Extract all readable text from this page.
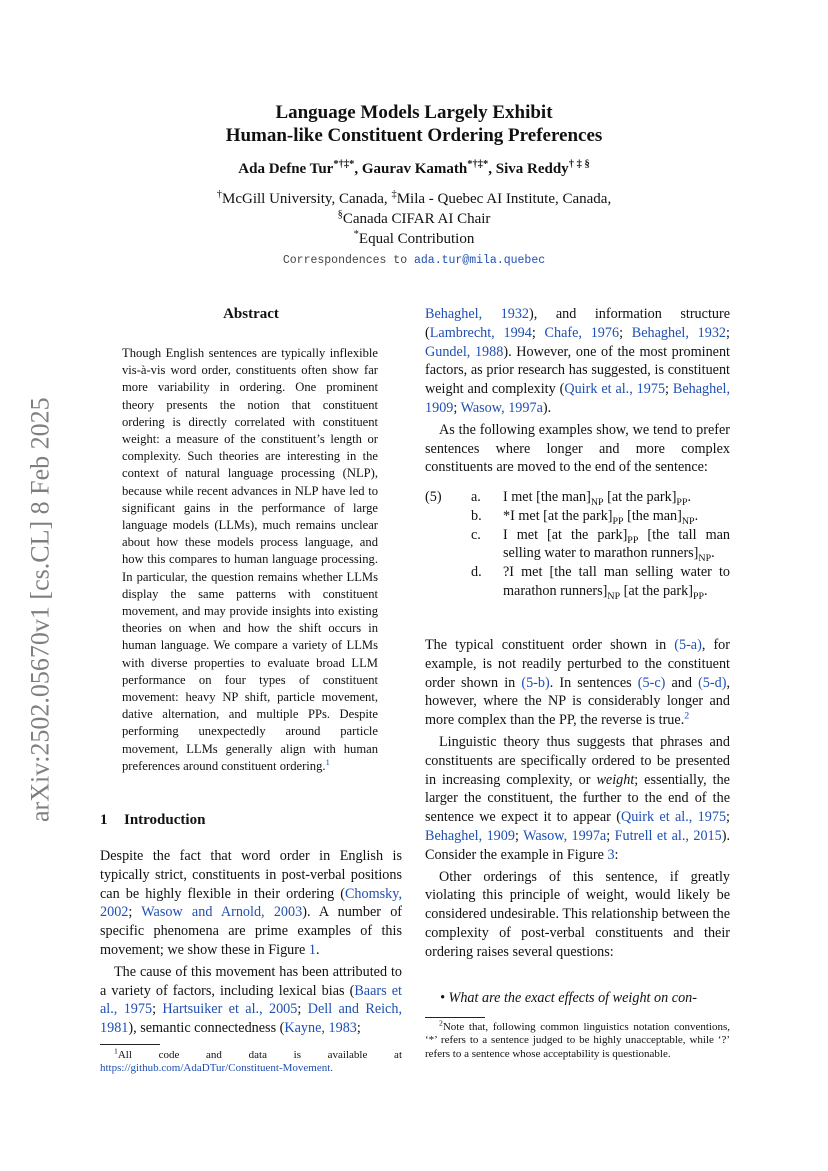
arXiv:2502.05670v1 [cs.CL] 8 Feb 2025
Language Models Largely Exhibit
Human-like Constituent Ordering Preferences
Ada Defne Tur*†‡*, Gaurav Kamath*†‡*, Siva Reddy† ‡ §
†McGill University, Canada, ‡Mila - Quebec AI Institute, Canada,
§Canada CIFAR AI Chair
*Equal Contribution
Correspondences to ada.tur@mila.quebec
Abstract
Though English sentences are typically inflexible vis-à-vis word order, constituents often show far more variability in ordering. One prominent theory presents the notion that constituent ordering is directly correlated with constituent weight: a measure of the constituent’s length or complexity. Such theories are interesting in the context of natural language processing (NLP), because while recent advances in NLP have led to significant gains in the performance of large language models (LLMs), much remains unclear about how these models process language, and how this compares to human language processing. In particular, the question remains whether LLMs display the same patterns with constituent movement, and may provide insights into existing theories on when and how the shift occurs in human language. We compare a variety of LLMs with diverse properties to evaluate broad LLM performance on four types of constituent movement: heavy NP shift, particle movement, dative alternation, and multiple PPs. Despite performing unexpectedly around particle movement, LLMs generally align with human preferences around constituent ordering.$^1$
1 Introduction

Despite the fact that word order in English is typically strict, constituents in post-verbal positions can be highly flexible in their ordering (Chomsky, 2002; Wasow and Arnold, 2003). A number of specific phenomena are prime examples of this movement; we show these in Figure 1.

The cause of this movement has been attributed to a variety of factors, including lexical bias (Baars et al., 1975; Hartsuiker et al., 2005; Dell and Reich, 1981), semantic connectedness (Kayne, 1983;

$^1$All code and data is available at
https://github.com/AdaDTur/Constituent-Movement.

Behaghel, 1932), and information structure (Lambrecht, 1994; Chafe, 1976; Behaghel, 1932; Gundel, 1988). However, one of the most prominent factors, as prior research has suggested, is constituent weight and complexity (Quirk et al., 1975; Behaghel, 1909; Wasow, 1997a).

As the following examples show, we tend to prefer sentences where longer and more complex constituents are moved to the end of the sentence:

(5)	a.	I met [the $man]_{NP}$ [at the $park]_{PP}$.
b.	*I met [at the $park]_{PP}$ [the $man]_{NP}$.
c.	I met [at the $park]_{PP}$ [the tall man selling water to marathon $runners]_{NP}$.
d.	?I met [the tall man selling water to marathon $runners]_{NP}$ [at the $park]_{PP}$.

The typical constituent order shown in (5-a), for example, is not readily perturbed to the constituent order shown in (5-b). In sentences (5-c) and (5-d), however, where the NP is considerably longer and more complex than the PP, the reverse is true.$^2$

Linguistic theory thus suggests that phrases and constituents are specifically ordered to be presented in increasing complexity, or weight; essentially, the larger the constituent, the further to the end of the sentence we expect it to appear (Quirk et al., 1975; Behaghel, 1909; Wasow, 1997a; Futrell et al., 2015). Consider the example in Figure 3:

Other orderings of this sentence, if greatly violating this principle of weight, would likely be considered undesirable. This relationship between the complexity of post-verbal constituents and their ordering raises several questions:

• What are the exact effects of weight on con-
$^2$Note that, following common linguistics notation conventions, ‘*’ refers to a sentence judged to be highly unacceptable, while ‘?’ refers to a sentence whose acceptability is questionable.
